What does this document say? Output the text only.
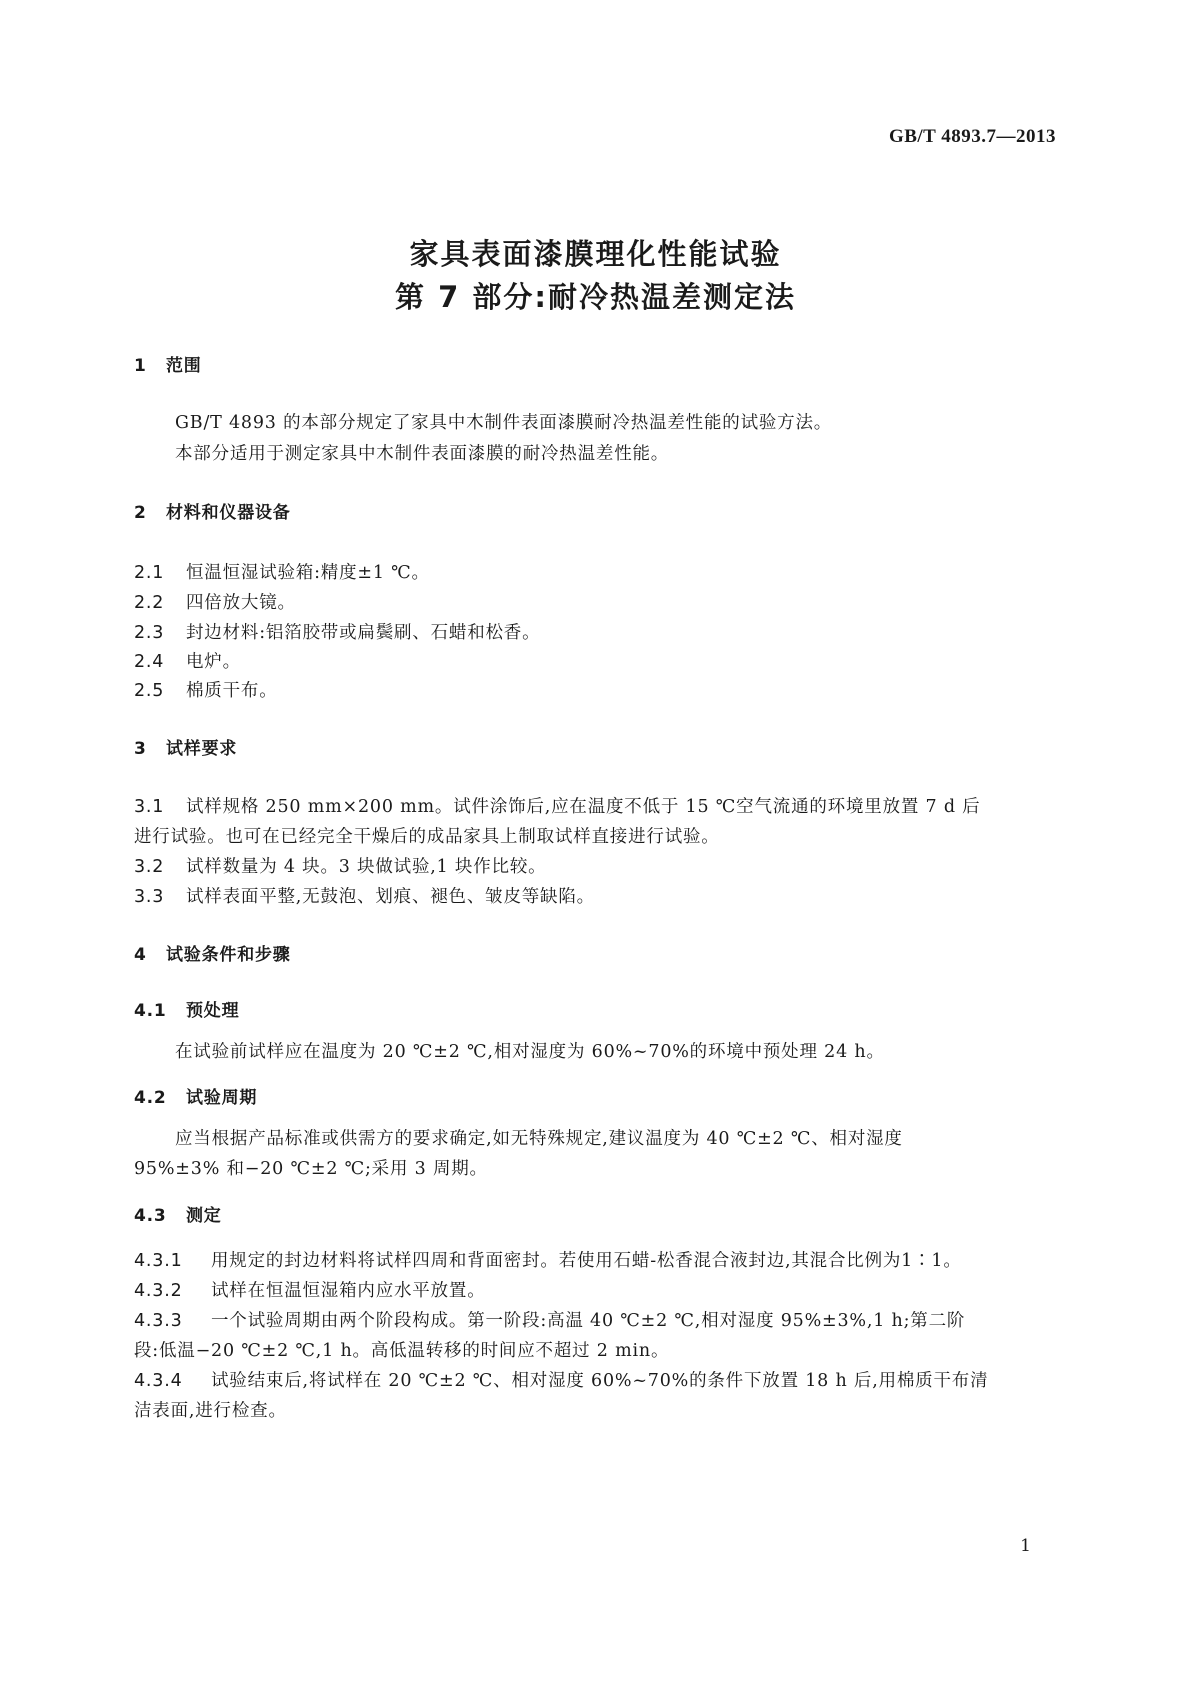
GB/T 4893.7—2013
家具表面漆膜理化性能试验
第 7 部分:耐冷热温差测定法

1 范围

GB/T 4893 的本部分规定了家具中木制件表面漆膜耐冷热温差性能的试验方法。

本部分适用于测定家具中木制件表面漆膜的耐冷热温差性能。

2 材料和仪器设备

2.1 恒温恒湿试验箱:精度±1 ℃。

2.2 四倍放大镜。

2.3 封边材料:铝箔胶带或扁鬓刷、石蜡和松香。

2.4 电炉。

2.5 棉质干布。

3 试样要求

3.1 试样规格 250 mm×200 mm。试件涂饰后,应在温度不低于 15 ℃空气流通的环境里放置 7 d 后

进行试验。也可在已经完全干燥后的成品家具上制取试样直接进行试验。

3.2 试样数量为 4 块。3 块做试验,1 块作比较。

3.3 试样表面平整,无鼓泡、划痕、褪色、皱皮等缺陷。

4 试验条件和步骤

4.1 预处理

在试验前试样应在温度为 20 ℃±2 ℃,相对湿度为 60%~70%的环境中预处理 24 h。

4.2 试验周期

应当根据产品标准或供需方的要求确定,如无特殊规定,建议温度为 40 ℃±2 ℃、相对湿度

95%±3% 和−20 ℃±2 ℃;采用 3 周期。

4.3 测定

4.3.1 用规定的封边材料将试样四周和背面密封。若使用石蜡-松香混合液封边,其混合比例为1∶1。

4.3.2 试样在恒温恒湿箱内应水平放置。

4.3.3 一个试验周期由两个阶段构成。第一阶段:高温 40 ℃±2 ℃,相对湿度 95%±3%,1 h;第二阶

段:低温−20 ℃±2 ℃,1 h。高低温转移的时间应不超过 2 min。

4.3.4 试验结束后,将试样在 20 ℃±2 ℃、相对湿度 60%~70%的条件下放置 18 h 后,用棉质干布清

洁表面,进行检查。

1
